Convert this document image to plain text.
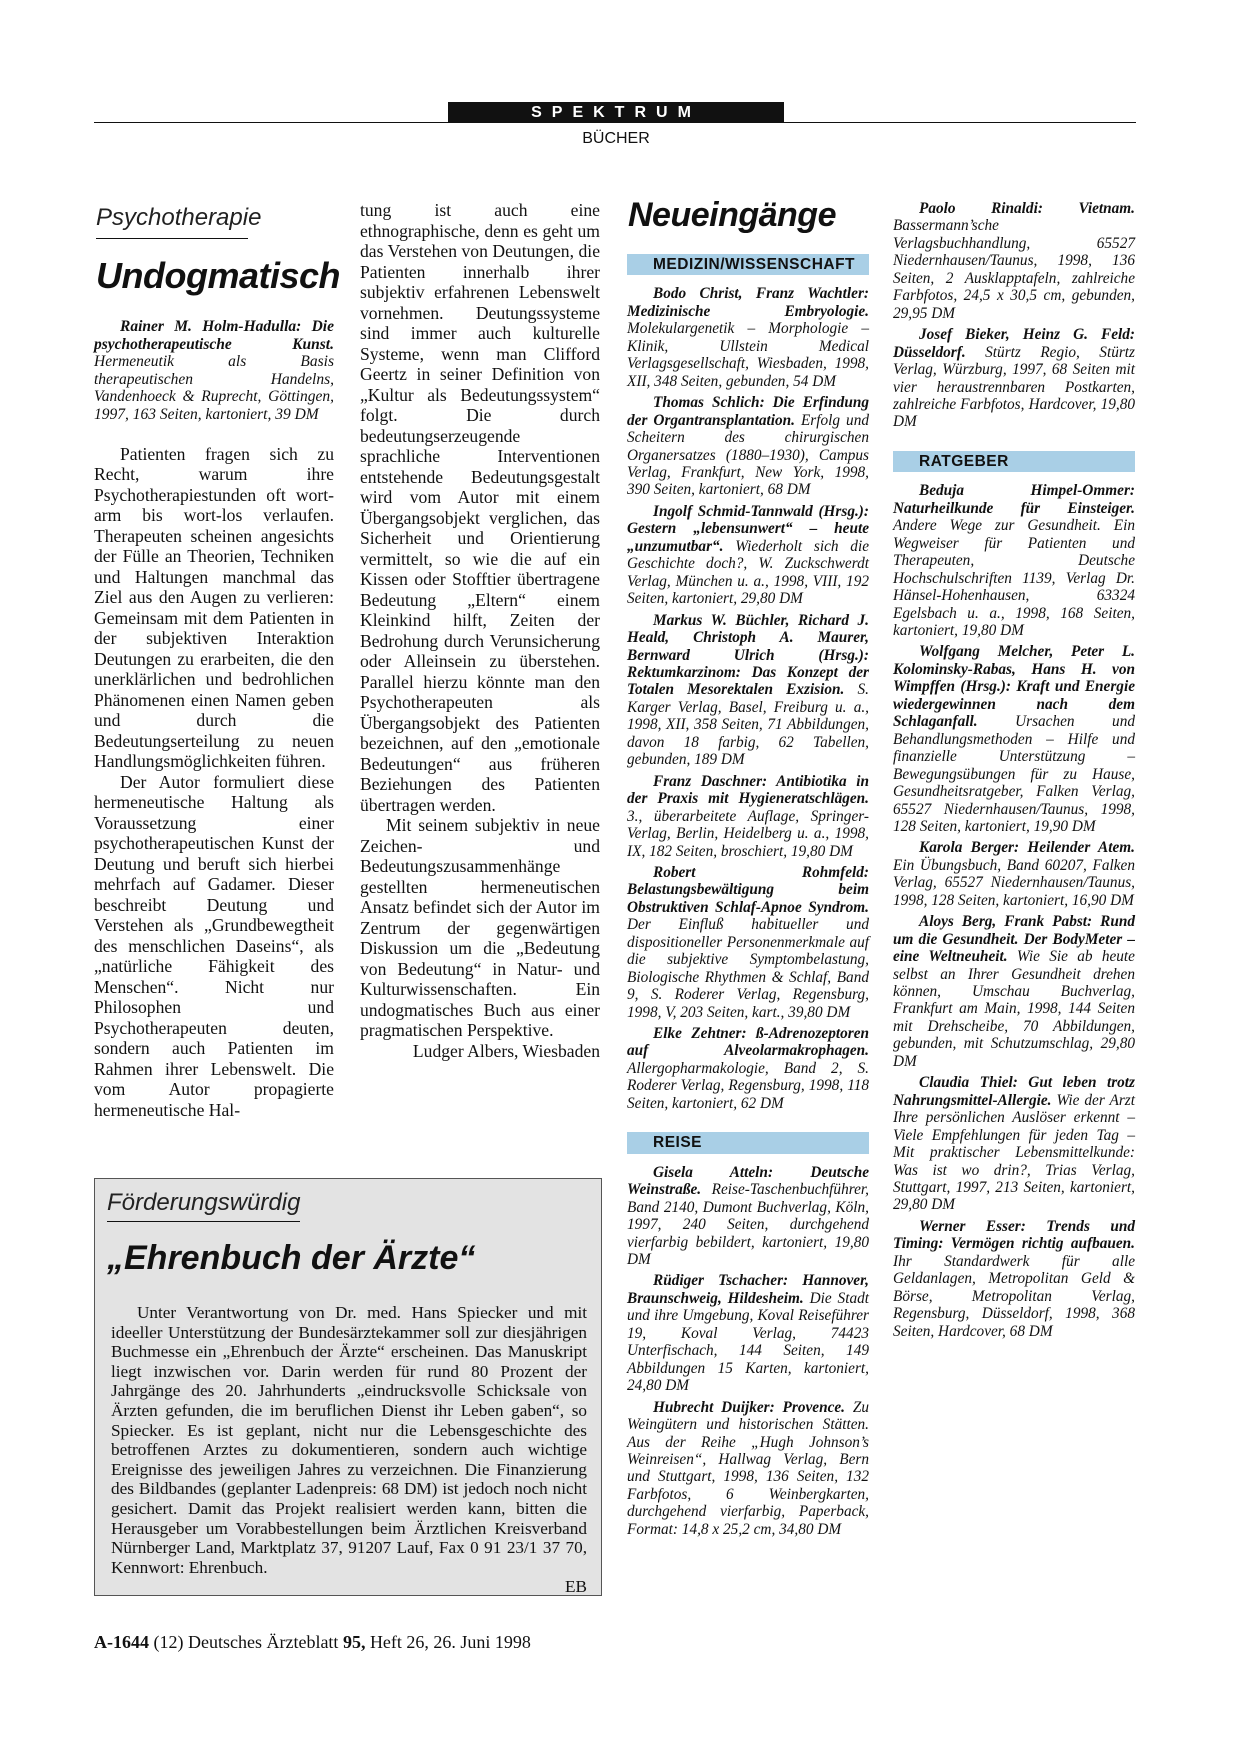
SPEKTRUM
BÜCHER
Psychotherapie
Undogmatisch
Rainer M. Holm-Hadulla: Die psychotherapeutische Kunst. Hermeneutik als Basis therapeutischen Handelns, Vandenhoeck & Ruprecht, Göttingen, 1997, 163 Seiten, kartoniert, 39 DM

Patienten fragen sich zu Recht, warum ihre Psychotherapiestunden oft wort-arm bis wort-los verlaufen. Therapeuten scheinen angesichts der Fülle an Theorien, Techniken und Haltungen manchmal das Ziel aus den Augen zu verlieren: Gemeinsam mit dem Patienten in der subjektiven Interaktion Deutungen zu erarbeiten, die den unerklärlichen und bedrohlichen Phänomenen einen Namen geben und durch die Bedeutungserteilung zu neuen Handlungsmöglichkeiten führen.

Der Autor formuliert diese hermeneutische Haltung als Voraussetzung einer psychotherapeutischen Kunst der Deutung und beruft sich hierbei mehrfach auf Gadamer. Dieser beschreibt Deutung und Verstehen als „Grundbewegtheit des menschlichen Daseins“, als „natürliche Fähigkeit des Menschen“. Nicht nur Philosophen und Psychotherapeuten deuten, sondern auch Patienten im Rahmen ihrer Lebenswelt. Die vom Autor propagierte hermeneutische Hal-

tung ist auch eine ethnographische, denn es geht um das Verstehen von Deutungen, die Patienten innerhalb ihrer subjektiv erfahrenen Lebenswelt vornehmen. Deutungssysteme sind immer auch kulturelle Systeme, wenn man Clifford Geertz in seiner Definition von „Kultur als Bedeutungssystem“ folgt. Die durch bedeutungserzeugende sprachliche Interventionen entstehende Bedeutungsgestalt wird vom Autor mit einem Übergangsobjekt verglichen, das Sicherheit und Orientierung vermittelt, so wie die auf ein Kissen oder Stofftier übertragene Bedeutung „Eltern“ einem Kleinkind hilft, Zeiten der Bedrohung durch Verunsicherung oder Alleinsein zu überstehen. Parallel hierzu könnte man den Psychotherapeuten als Übergangsobjekt des Patienten bezeichnen, auf den „emotionale Bedeutungen“ aus früheren Beziehungen des Patienten übertragen werden.

Mit seinem subjektiv in neue Zeichen- und Bedeutungszusammenhänge gestellten hermeneutischen Ansatz befindet sich der Autor im Zentrum der gegenwärtigen Diskussion um die „Bedeutung von Bedeutung“ in Natur- und Kulturwissenschaften. Ein undogmatisches Buch aus einer pragmatischen Perspektive.

Ludger Albers, Wiesbaden
Förderungswürdig
„Ehrenbuch der Ärzte“

Unter Verantwortung von Dr. med. Hans Spiecker und mit ideeller Unterstützung der Bundesärztekammer soll zur diesjährigen Buchmesse ein „Ehrenbuch der Ärzte“ erscheinen. Das Manuskript liegt inzwischen vor. Darin werden für rund 80 Prozent der Jahrgänge des 20. Jahrhunderts „eindrucksvolle Schicksale von Ärzten gefunden, die im beruflichen Dienst ihr Leben gaben“, so Spiecker. Es ist geplant, nicht nur die Lebensgeschichte des betroffenen Arztes zu dokumentieren, sondern auch wichtige Ereignisse des jeweiligen Jahres zu verzeichnen. Die Finanzierung des Bildbandes (geplanter Ladenpreis: 68 DM) ist jedoch noch nicht gesichert. Damit das Projekt realisiert werden kann, bitten die Herausgeber um Vorabbestellungen beim Ärztlichen Kreisverband Nürnberger Land, Marktplatz 37, 91207 Lauf, Fax 0 91 23/1 37 70, Kennwort: Ehrenbuch.

EB
Neueingänge
MEDIZIN/WISSENSCHAFT
Bodo Christ, Franz Wachtler: Medizinische Embryologie. Molekulargenetik – Morphologie – Klinik, Ullstein Medical Verlagsgesellschaft, Wiesbaden, 1998, XII, 348 Seiten, gebunden, 54 DM
Thomas Schlich: Die Erfindung der Organtransplantation. Erfolg und Scheitern des chirurgischen Organersatzes (1880–1930), Campus Verlag, Frankfurt, New York, 1998, 390 Seiten, kartoniert, 68 DM
Ingolf Schmid-Tannwald (Hrsg.): Gestern „lebensunwert“ – heute „unzumutbar“. Wiederholt sich die Geschichte doch?, W. Zuckschwerdt Verlag, München u. a., 1998, VIII, 192 Seiten, kartoniert, 29,80 DM
Markus W. Büchler, Richard J. Heald, Christoph A. Maurer, Bernward Ulrich (Hrsg.): Rektumkarzinom: Das Konzept der Totalen Mesorektalen Exzision. S. Karger Verlag, Basel, Freiburg u. a., 1998, XII, 358 Seiten, 71 Abbildungen, davon 18 farbig, 62 Tabellen, gebunden, 189 DM
Franz Daschner: Antibiotika in der Praxis mit Hygieneratschlägen. 3., überarbeitete Auflage, Springer-Verlag, Berlin, Heidelberg u. a., 1998, IX, 182 Seiten, broschiert, 19,80 DM
Robert Rohmfeld: Belastungsbewältigung beim Obstruktiven Schlaf-Apnoe Syndrom. Der Einfluß habitueller und dispositioneller Personenmerkmale auf die subjektive Symptombelastung, Biologische Rhythmen & Schlaf, Band 9, S. Roderer Verlag, Regensburg, 1998, V, 203 Seiten, kart., 39,80 DM
Elke Zehtner: ß-Adrenozeptoren auf Alveolarmakrophagen. Allergopharmakologie, Band 2, S. Roderer Verlag, Regensburg, 1998, 118 Seiten, kartoniert, 62 DM
REISE
Gisela Atteln: Deutsche Weinstraße. Reise-Taschenbuchführer, Band 2140, Dumont Buchverlag, Köln, 1997, 240 Seiten, durchgehend vierfarbig bebildert, kartoniert, 19,80 DM
Rüdiger Tschacher: Hannover, Braunschweig, Hildesheim. Die Stadt und ihre Umgebung, Koval Reiseführer 19, Koval Verlag, 74423 Unterfischach, 144 Seiten, 149 Abbildungen 15 Karten, kartoniert, 24,80 DM
Hubrecht Duijker: Provence. Zu Weingütern und historischen Stätten. Aus der Reihe „Hugh Johnson’s Weinreisen“, Hallwag Verlag, Bern und Stuttgart, 1998, 136 Seiten, 132 Farbfotos, 6 Weinbergkarten, durchgehend vierfarbig, Paperback, Format: 14,8 x 25,2 cm, 34,80 DM
Paolo Rinaldi: Vietnam. Bassermann’sche Verlagsbuchhandlung, 65527 Niedernhausen/Taunus, 1998, 136 Seiten, 2 Ausklapptafeln, zahlreiche Farbfotos, 24,5 x 30,5 cm, gebunden, 29,95 DM
Josef Bieker, Heinz G. Feld: Düsseldorf. Stürtz Regio, Stürtz Verlag, Würzburg, 1997, 68 Seiten mit vier heraustrennbaren Postkarten, zahlreiche Farbfotos, Hardcover, 19,80 DM
RATGEBER
Beduja Himpel-Ommer: Naturheilkunde für Einsteiger. Andere Wege zur Gesundheit. Ein Wegweiser für Patienten und Therapeuten, Deutsche Hochschulschriften 1139, Verlag Dr. Hänsel-Hohenhausen, 63324 Egelsbach u. a., 1998, 168 Seiten, kartoniert, 19,80 DM
Wolfgang Melcher, Peter L. Kolominsky-Rabas, Hans H. von Wimpffen (Hrsg.): Kraft und Energie wiedergewinnen nach dem Schlaganfall. Ursachen und Behandlungsmethoden – Hilfe und finanzielle Unterstützung – Bewegungsübungen für zu Hause, Gesundheitsratgeber, Falken Verlag, 65527 Niedernhausen/Taunus, 1998, 128 Seiten, kartoniert, 19,90 DM
Karola Berger: Heilender Atem. Ein Übungsbuch, Band 60207, Falken Verlag, 65527 Niedernhausen/Taunus, 1998, 128 Seiten, kartoniert, 16,90 DM
Aloys Berg, Frank Pabst: Rund um die Gesundheit. Der BodyMeter – eine Weltneuheit. Wie Sie ab heute selbst an Ihrer Gesundheit drehen können, Umschau Buchverlag, Frankfurt am Main, 1998, 144 Seiten mit Drehscheibe, 70 Abbildungen, gebunden, mit Schutzumschlag, 29,80 DM
Claudia Thiel: Gut leben trotz Nahrungsmittel-Allergie. Wie der Arzt Ihre persönlichen Auslöser erkennt – Viele Empfehlungen für jeden Tag – Mit praktischer Lebensmittelkunde: Was ist wo drin?, Trias Verlag, Stuttgart, 1997, 213 Seiten, kartoniert, 29,80 DM
Werner Esser: Trends und Timing: Vermögen richtig aufbauen. Ihr Standardwerk für alle Geldanlagen, Metropolitan Geld & Börse, Metropolitan Verlag, Regensburg, Düsseldorf, 1998, 368 Seiten, Hardcover, 68 DM
A-1644 (12) Deutsches Ärzteblatt 95, Heft 26, 26. Juni 1998
